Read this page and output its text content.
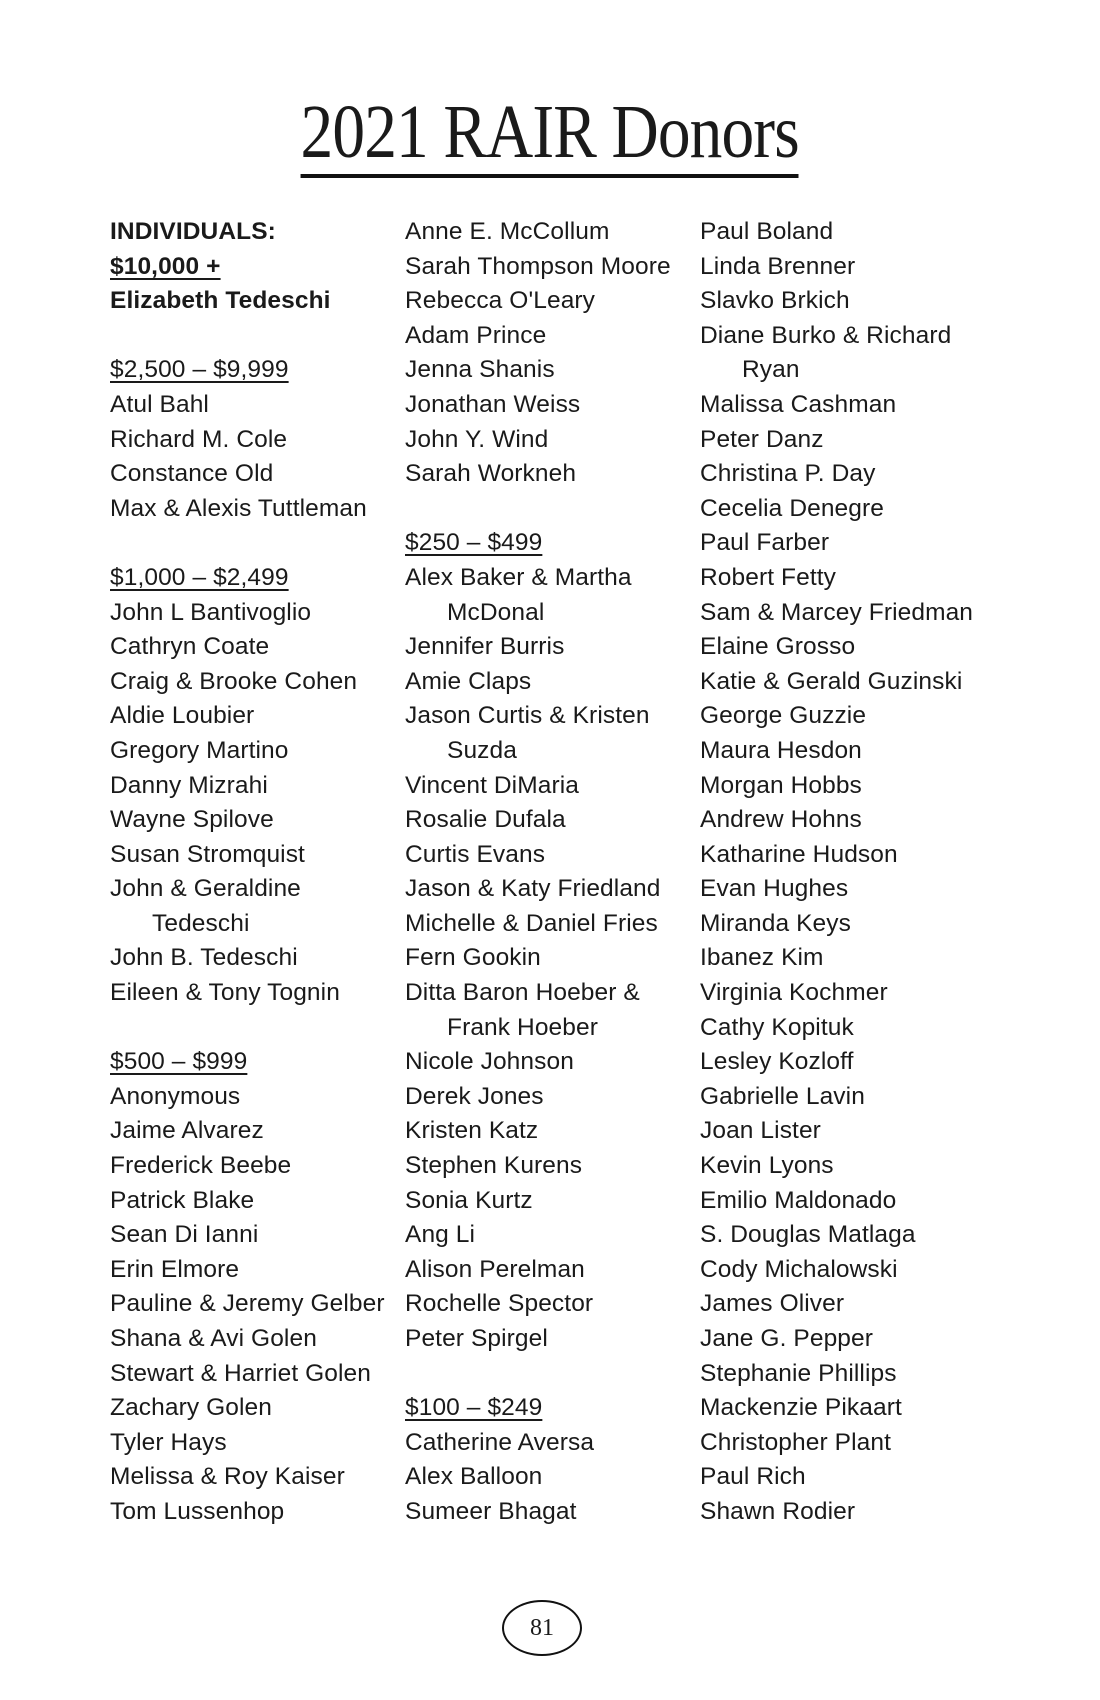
2021 RAIR Donors
INDIVIDUALS:
$10,000 +
Elizabeth Tedeschi
$2,500 – $9,999
Atul Bahl
Richard M. Cole
Constance Old
Max & Alexis Tuttleman
$1,000 – $2,499
John L Bantivoglio
Cathryn Coate
Craig & Brooke Cohen
Aldie Loubier
Gregory Martino
Danny Mizrahi
Wayne Spilove
Susan Stromquist
John & Geraldine
Tedeschi
John B. Tedeschi
Eileen & Tony Tognin
$500 – $999
Anonymous
Jaime Alvarez
Frederick Beebe
Patrick Blake
Sean Di Ianni
Erin Elmore
Pauline & Jeremy Gelber
Shana & Avi Golen
Stewart & Harriet Golen
Zachary Golen
Tyler Hays
Melissa & Roy Kaiser
Tom Lussenhop
Anne E. McCollum
Sarah Thompson Moore
Rebecca O'Leary
Adam Prince
Jenna Shanis
Jonathan Weiss
John Y. Wind
Sarah Workneh
$250 – $499
Alex Baker & Martha
McDonal
Jennifer Burris
Amie Claps
Jason Curtis & Kristen
Suzda
Vincent DiMaria
Rosalie Dufala
Curtis Evans
Jason & Katy Friedland
Michelle & Daniel Fries
Fern Gookin
Ditta Baron Hoeber &
Frank Hoeber
Nicole Johnson
Derek Jones
Kristen Katz
Stephen Kurens
Sonia Kurtz
Ang Li
Alison Perelman
Rochelle Spector
Peter Spirgel
$100 – $249
Catherine Aversa
Alex Balloon
Sumeer Bhagat
Paul Boland
Linda Brenner
Slavko Brkich
Diane Burko & Richard
Ryan
Malissa Cashman
Peter Danz
Christina P. Day
Cecelia Denegre
Paul Farber
Robert Fetty
Sam & Marcey Friedman
Elaine Grosso
Katie & Gerald Guzinski
George Guzzie
Maura Hesdon
Morgan Hobbs
Andrew Hohns
Katharine Hudson
Evan Hughes
Miranda Keys
Ibanez Kim
Virginia Kochmer
Cathy Kopituk
Lesley Kozloff
Gabrielle Lavin
Joan Lister
Kevin Lyons
Emilio Maldonado
S. Douglas Matlaga
Cody Michalowski
James Oliver
Jane G. Pepper
Stephanie Phillips
Mackenzie Pikaart
Christopher Plant
Paul Rich
Shawn Rodier
81
